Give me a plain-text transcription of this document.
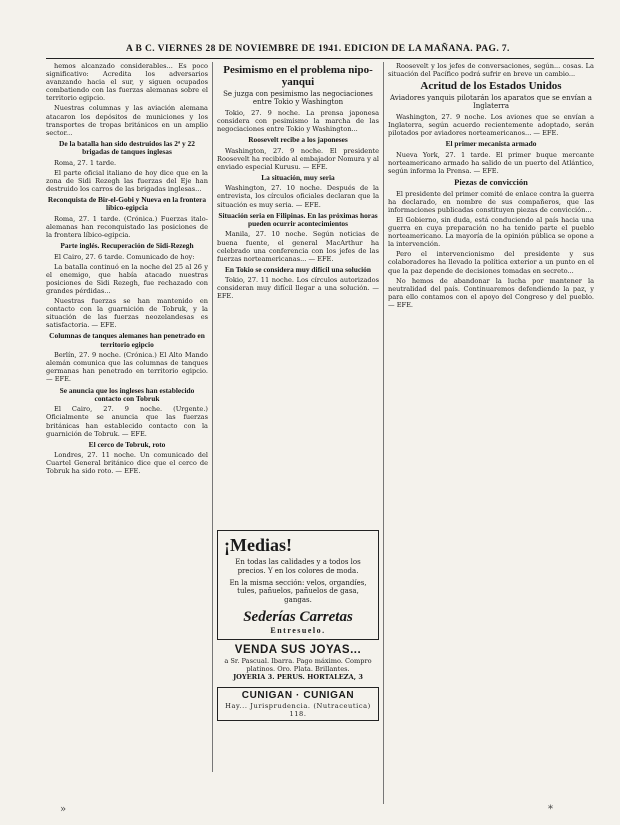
A B C. VIERNES 28 DE NOVIEMBRE DE 1941. EDICION DE LA MAÑANA. PAG. 7.

hemos alcanzado considerables... Es poco significativo: Acredita los adversarios avanzando hacia el sur, y siguen ocupados combatiendo con las fuerzas alemanas sobre el territorio egipcio.

Nuestras columnas y las aviación alemana atacaron los depósitos de municiones y los transportes de tropas británicos en un amplio sector...

De la batalla han sido destruidos las 2ª y 22 brigadas de tanques inglesas

Roma, 27. 1 tarde.

El parte oficial italiano de hoy dice que en la zona de Sidi Rezegh las fuerzas del Eje han destruido los carros de las brigadas inglesas...

Reconquista de Bir-el-Gobi y Nueva en la frontera líbico-egipcia

Roma, 27. 1 tarde. (Crónica.) Fuerzas italo-alemanas han reconquistado las posiciones de la frontera líbico-egipcia.

Parte inglés. Recuperación de Sidi-Rezegh

El Cairo, 27. 6 tarde. Comunicado de hoy:

La batalla continuó en la noche del 25 al 26 y el enemigo, que había atacado nuestras posiciones de Sidi Rezegh, fue rechazado con grandes pérdidas...

Nuestras fuerzas se han mantenido en contacto con la guarnición de Tobruk, y la situación de las fuerzas neozelandesas es satisfactoria. — EFE.

Columnas de tanques alemanes han penetrado en territorio egipcio

Berlín, 27. 9 noche. (Crónica.) El Alto Mando alemán comunica que las columnas de tanques germanas han penetrado en territorio egipcio. — EFE.

Se anuncia que los ingleses han establecido contacto con Tobruk

El Cairo, 27. 9 noche. (Urgente.) Oficialmente se anuncia que las fuerzas británicas han establecido contacto con la guarnición de Tobruk. — EFE.

El cerco de Tobruk, roto

Londres, 27. 11 noche. Un comunicado del Cuartel General británico dice que el cerco de Tobruk ha sido roto. — EFE.

Pesimismo en el problema nipo-yanqui
Se juzga con pesimismo las negociaciones entre Tokio y Washington

Tokio, 27. 9 noche. La prensa japonesa considera con pesimismo la marcha de las negociaciones entre Tokio y Washington...

Roosevelt recibe a los japoneses

Washington, 27. 9 noche. El presidente Roosevelt ha recibido al embajador Nomura y al enviado especial Kurusu. — EFE.

La situación, muy seria

Washington, 27. 10 noche. Después de la entrevista, los círculos oficiales declaran que la situación es muy seria. — EFE.

Situación seria en Filipinas. En las próximas horas pueden ocurrir acontecimientos

Manila, 27. 10 noche. Según noticias de buena fuente, el general MacArthur ha celebrado una conferencia con los jefes de las fuerzas norteamericanas... — EFE.

En Tokio se considera muy difícil una solución

Tokio, 27. 11 noche. Los círculos autorizados consideran muy difícil llegar a una solución. — EFE.

¡Medias!
En todas las calidades y a todos los precios. Y en los colores de moda.
En la misma sección: velos, organdíes, tules, pañuelos, pañuelos de gasa, gangas.
Sederías Carretas
Entresuelo.
VENDA SUS JOYAS...
a Sr. Pascual. Ibarra. Pago máximo. Compro platinos. Oro. Plata. Brillantes.
JOYERIA 3. PERUS. HORTALEZA, 3
CUNIGAN · CUNIGAN
Hay... Jurisprudencia. (Nutraceutica) 118.

Roosevelt y los jefes de conversaciones, según... cosas. La situación del Pacífico podrá sufrir en breve un cambio...

Acritud de los Estados Unidos
Aviadores yanquis pilotarán los aparatos que se envían a Inglaterra

Washington, 27. 9 noche. Los aviones que se envían a Inglaterra, según acuerdo recientemente adoptado, serán pilotados por aviadores norteamericanos... — EFE.

El primer mecanista armado

Nueva York, 27. 1 tarde. El primer buque mercante norteamericano armado ha salido de un puerto del Atlántico, según informa la Prensa. — EFE.

Piezas de convicción

El presidente del primer comité de enlace contra la guerra ha declarado, en nombre de sus compañeros, que las informaciones publicadas constituyen piezas de convicción...

El Gobierno, sin duda, está conduciendo al país hacia una guerra en cuya preparación no ha tenido parte el pueblo norteamericano. La mayoría de la opinión pública se opone a la intervención.

Pero el intervencionismo del presidente y sus colaboradores ha llevado la política exterior a un punto en el que la paz depende de decisiones tomadas en secreto...

No hemos de abandonar la lucha por mantener la neutralidad del país. Continuaremos defendiendo la paz, y para ello contamos con el apoyo del Congreso y del pueblo. — EFE.

»	*
